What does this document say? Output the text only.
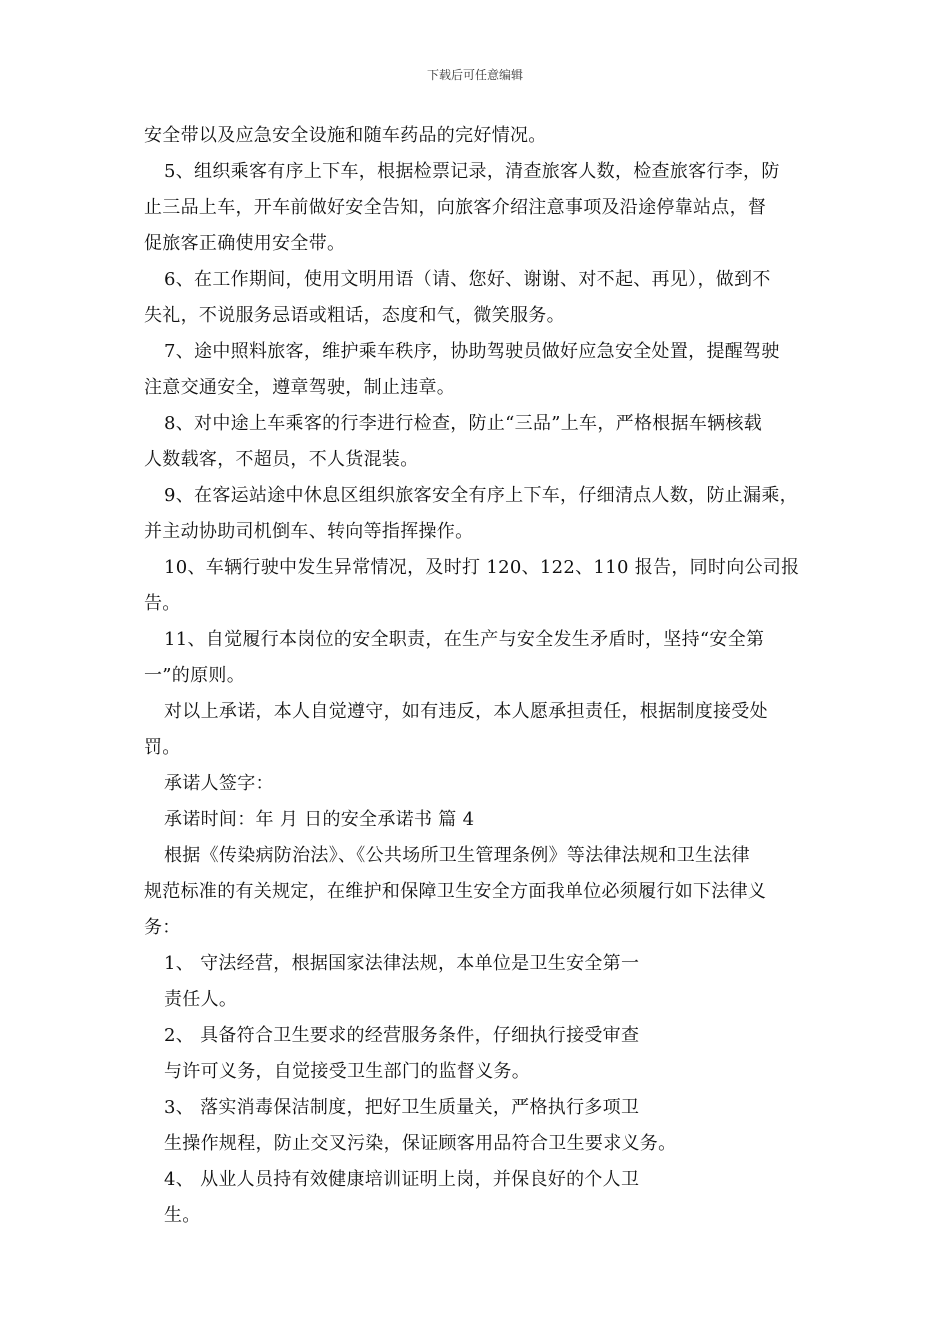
下载后可任意编辑
安全带以及应急安全设施和随车药品的完好情况。
5、组织乘客有序上下车，根据检票记录，清查旅客人数，检查旅客行李，防
止三品上车，开车前做好安全告知，向旅客介绍注意事项及沿途停靠站点，督
促旅客正确使用安全带。
6、在工作期间，使用文明用语（请、您好、谢谢、对不起、再见），做到不
失礼，不说服务忌语或粗话，态度和气，微笑服务。
7、途中照料旅客，维护乘车秩序，协助驾驶员做好应急安全处置，提醒驾驶
注意交通安全，遵章驾驶，制止违章。
8、对中途上车乘客的行李进行检查，防止“三品”上车，严格根据车辆核载
人数载客，不超员，不人货混装。
9、在客运站途中休息区组织旅客安全有序上下车，仔细清点人数，防止漏乘，
并主动协助司机倒车、转向等指挥操作。
10、车辆行驶中发生异常情况，及时打 120、122、110 报告，同时向公司报
告。
11、自觉履行本岗位的安全职责，在生产与安全发生矛盾时，坚持“安全第
一”的原则。
对以上承诺，本人自觉遵守，如有违反，本人愿承担责任，根据制度接受处
罚。
承诺人签字：
承诺时间：年 月 日的安全承诺书 篇 4
根据《传染病防治法》、《公共场所卫生管理条例》等法律法规和卫生法律
规范标准的有关规定，在维护和保障卫生安全方面我单位必须履行如下法律义
务：
1、 守法经营，根据国家法律法规，本单位是卫生安全第一
责任人。
2、 具备符合卫生要求的经营服务条件，仔细执行接受审查
与许可义务，自觉接受卫生部门的监督义务。
3、 落实消毒保洁制度，把好卫生质量关，严格执行多项卫
生操作规程，防止交叉污染，保证顾客用品符合卫生要求义务。
4、 从业人员持有效健康培训证明上岗，并保良好的个人卫
生。
